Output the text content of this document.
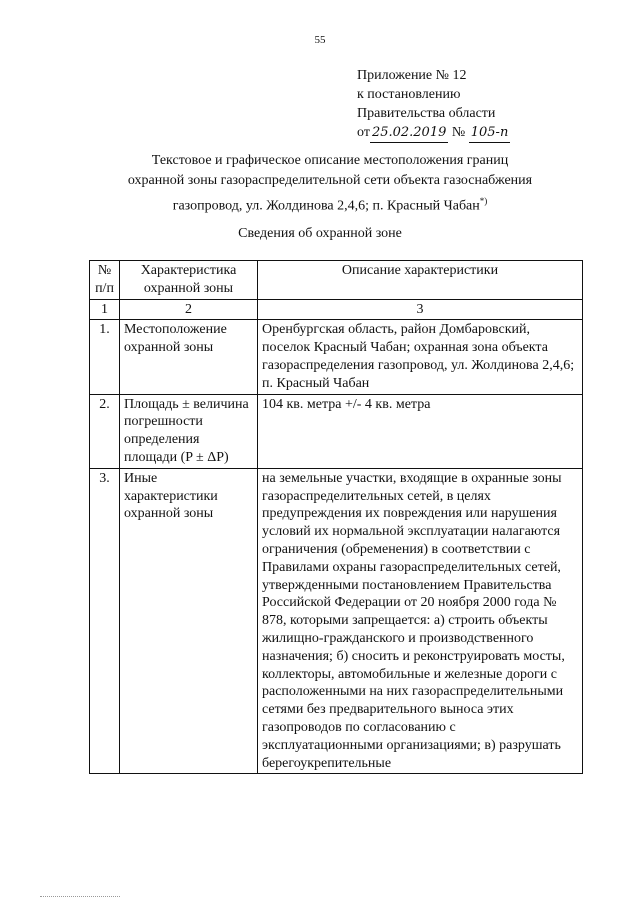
55
Приложение № 12
к постановлению
Правительства области
от 25.02.2019 № 105-п
Текстовое и графическое описание местоположения границ
охранной зоны газораспределительной сети объекта газоснабжения
газопровод, ул. Жолдинова 2,4,6; п. Красный Чабан*)
Сведения об охранной зоне
№ п/п	Характеристика охранной зоны	Описание характеристики
1	2	3
1.	Местоположение охранной зоны	Оренбургская область, район Домбаровский, поселок Красный Чабан; охранная зона объекта газораспределения газопровод, ул. Жолдинова 2,4,6; п. Красный Чабан
2.	Площадь ± величина погрешности определения площади (P ± ΔP)	104 кв. метра +/- 4 кв. метра
3.	Иные характеристики охранной зоны	на земельные участки, входящие в охранные зоны газораспределительных сетей, в целях предупреждения их повреждения или нарушения условий их нормальной эксплуатации налагаются ограничения (обременения) в соответствии с Правилами охраны газораспределительных сетей, утвержденными постановлением Правительства Российской Федерации от 20 ноября 2000 года № 878, которыми запрещается: а) строить объекты жилищно-гражданского и производственного назначения; б) сносить и реконструировать мосты, коллекторы, автомобильные и железные дороги с расположенными на них газораспределительными сетями без предварительного выноса этих газопроводов по согласованию с эксплуатационными организациями; в) разрушать берегоукрепительные
